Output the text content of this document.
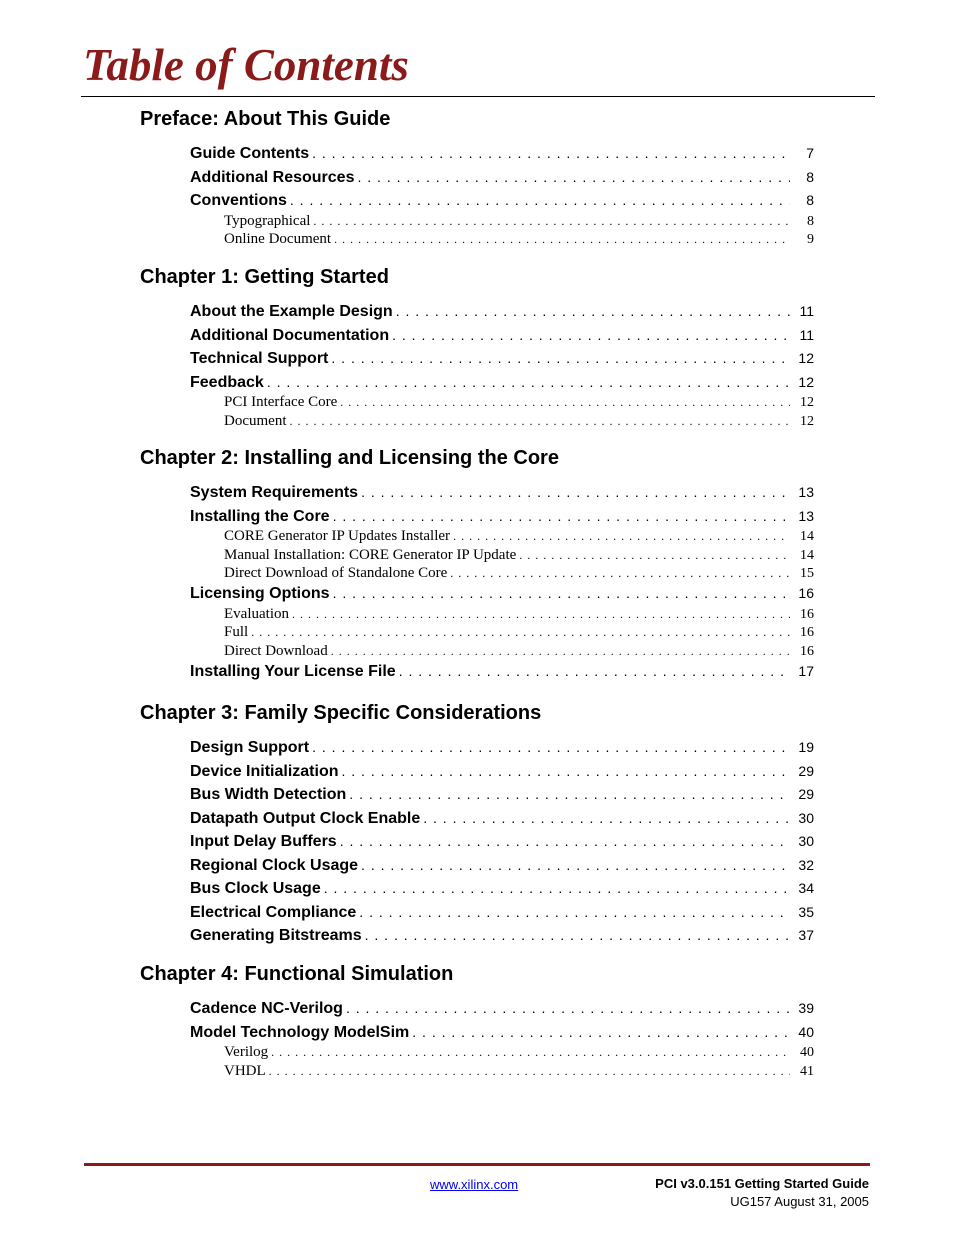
Table of Contents
Preface: About This Guide
Guide Contents . . .	7
Additional Resources . . .	8
Conventions . . .	8
Typographical . . .	8
Online Document . . .	9
Chapter 1: Getting Started
About the Example Design . . .	11
Additional Documentation . . .	11
Technical Support . . .	12
Feedback . . .	12
PCI Interface Core . . .	12
Document . . .	12
Chapter 2: Installing and Licensing the Core
System Requirements . . .	13
Installing the Core . . .	13
CORE Generator IP Updates Installer . . .	14
Manual Installation: CORE Generator IP Update . . .	14
Direct Download of Standalone Core . . .	15
Licensing Options . . .	16
Evaluation . . .	16
Full . . .	16
Direct Download . . .	16
Installing Your License File . . .	17
Chapter 3: Family Specific Considerations
Design Support . . .	19
Device Initialization . . .	29
Bus Width Detection . . .	29
Datapath Output Clock Enable . . .	30
Input Delay Buffers . . .	30
Regional Clock Usage . . .	32
Bus Clock Usage . . .	34
Electrical Compliance . . .	35
Generating Bitstreams . . .	37
Chapter 4: Functional Simulation
Cadence NC-Verilog . . .	39
Model Technology ModelSim . . .	40
Verilog . . .	40
VHDL . . .	41
www.xilinx.com	PCI v3.0.151 Getting Started Guide
UG157 August 31, 2005
